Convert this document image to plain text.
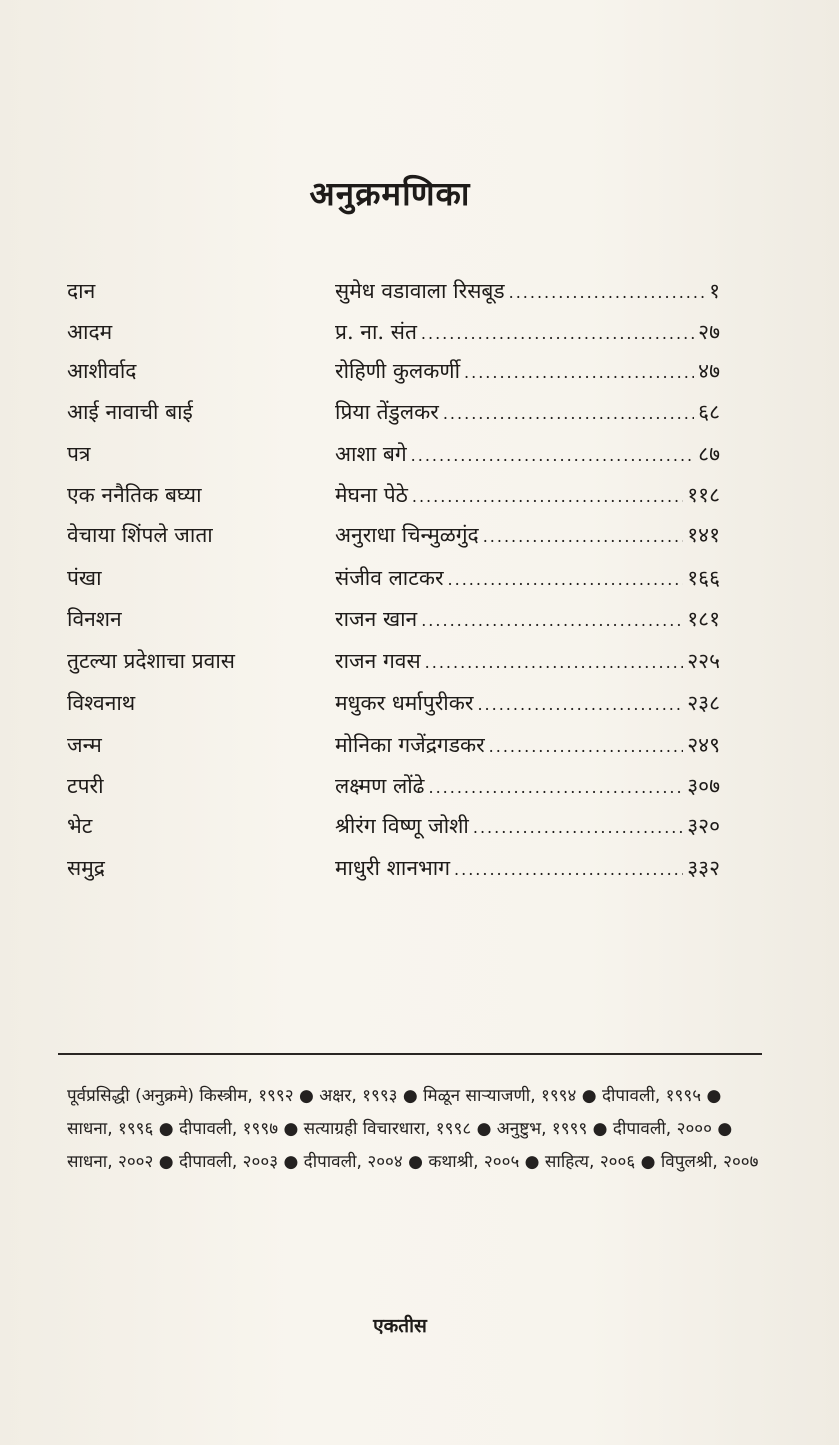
अनुक्रमणिका
दान	सुमेध वडावाला रिसबूड .....	१
आदम	प्र. ना. संत .....	२७
आशीर्वाद	रोहिणी कुलकर्णी .....	४७
आई नावाची बाई	प्रिया तेंडुलकर .....	६८
पत्र	आशा बगे .....	८७
एक ननैतिक बघ्या	मेघना पेठे .....	११८
वेचाया शिंपले जाता	अनुराधा चिन्मुळगुंद .....	१४१
पंखा	संजीव लाटकर .....	१६६
विनशन	राजन खान .....	१८१
तुटल्या प्रदेशाचा प्रवास	राजन गवस .....	२२५
विश्वनाथ	मधुकर धर्मापुरीकर .....	२३८
जन्म	मोनिका गजेंद्रगडकर .....	२४९
टपरी	लक्ष्मण लोंढे .....	३०७
भेट	श्रीरंग विष्णू जोशी .....	३२०
समुद्र	माधुरी शानभाग .....	३३२
पूर्वप्रसिद्धी (अनुक्रमे) किस्त्रीम, १९९२ ● अक्षर, १९९३ ● मिळून साऱ्याजणी, १९९४ ● दीपावली, १९९५ ● साधना, १९९६ ● दीपावली, १९९७ ● सत्याग्रही विचारधारा, १९९८ ● अनुष्टुभ, १९९९ ● दीपावली, २००० ● साधना, २००२ ● दीपावली, २००३ ● दीपावली, २००४ ● कथाश्री, २००५ ● साहित्य, २००६ ● विपुलश्री, २००७
एकतीस
